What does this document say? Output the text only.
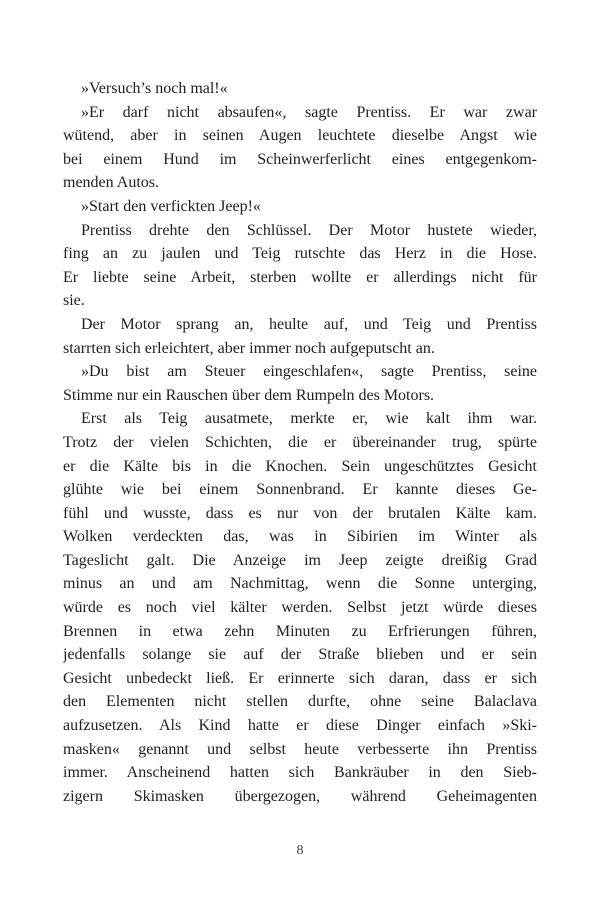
»Versuch’s noch mal!«
»Er darf nicht absaufen«, sagte Prentiss. Er war zwar
wütend, aber in seinen Augen leuchtete dieselbe Angst wie
bei einem Hund im Scheinwerferlicht eines entgegenkom-
menden Autos.
»Start den verfickten Jeep!«
Prentiss drehte den Schlüssel. Der Motor hustete wieder,
fing an zu jaulen und Teig rutschte das Herz in die Hose.
Er liebte seine Arbeit, sterben wollte er allerdings nicht für
sie.
Der Motor sprang an, heulte auf, und Teig und Prentiss
starrten sich erleichtert, aber immer noch aufgeputscht an.
»Du bist am Steuer eingeschlafen«, sagte Prentiss, seine
Stimme nur ein Rauschen über dem Rumpeln des Motors.
Erst als Teig ausatmete, merkte er, wie kalt ihm war.
Trotz der vielen Schichten, die er übereinander trug, spürte
er die Kälte bis in die Knochen. Sein ungeschütztes Gesicht
glühte wie bei einem Sonnenbrand. Er kannte dieses Ge-
fühl und wusste, dass es nur von der brutalen Kälte kam.
Wolken verdeckten das, was in Sibirien im Winter als
Tageslicht galt. Die Anzeige im Jeep zeigte dreißig Grad
minus an und am Nachmittag, wenn die Sonne unterging,
würde es noch viel kälter werden. Selbst jetzt würde dieses
Brennen in etwa zehn Minuten zu Erfrierungen führen,
jedenfalls solange sie auf der Straße blieben und er sein
Gesicht unbedeckt ließ. Er erinnerte sich daran, dass er sich
den Elementen nicht stellen durfte, ohne seine Balaclava
aufzusetzen. Als Kind hatte er diese Dinger einfach »Ski-
masken« genannt und selbst heute verbesserte ihn Prentiss
immer. Anscheinend hatten sich Bankräuber in den Sieb-
zigern Skimasken übergezogen, während Geheimagenten
8
